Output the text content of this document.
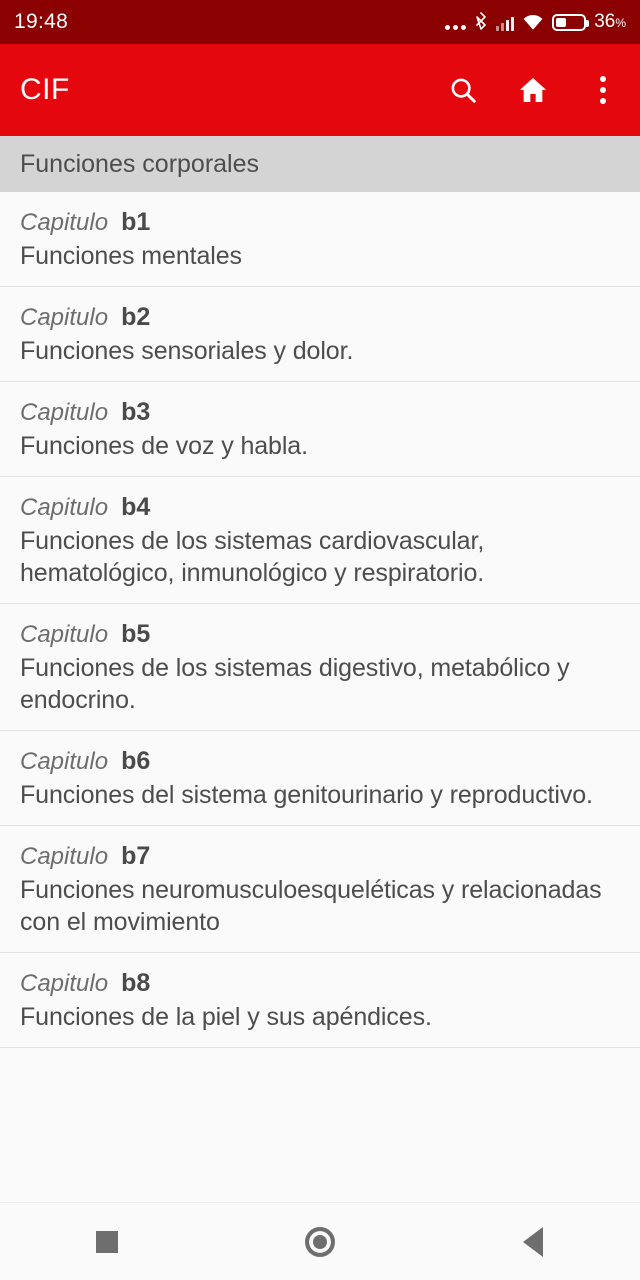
19:48	36%
CIF
Funciones corporales
Capitulo b1
Funciones mentales
Capitulo b2
Funciones sensoriales y dolor.
Capitulo b3
Funciones de voz y habla.
Capitulo b4
Funciones de los sistemas cardiovascular, hematológico, inmunológico y respiratorio.
Capitulo b5
Funciones de los sistemas digestivo, metabólico y endocrino.
Capitulo b6
Funciones del sistema genitourinario y reproductivo.
Capitulo b7
Funciones neuromusculoesqueléticas y relacionadas con el movimiento
Capitulo b8
Funciones de la piel y sus apéndices.
